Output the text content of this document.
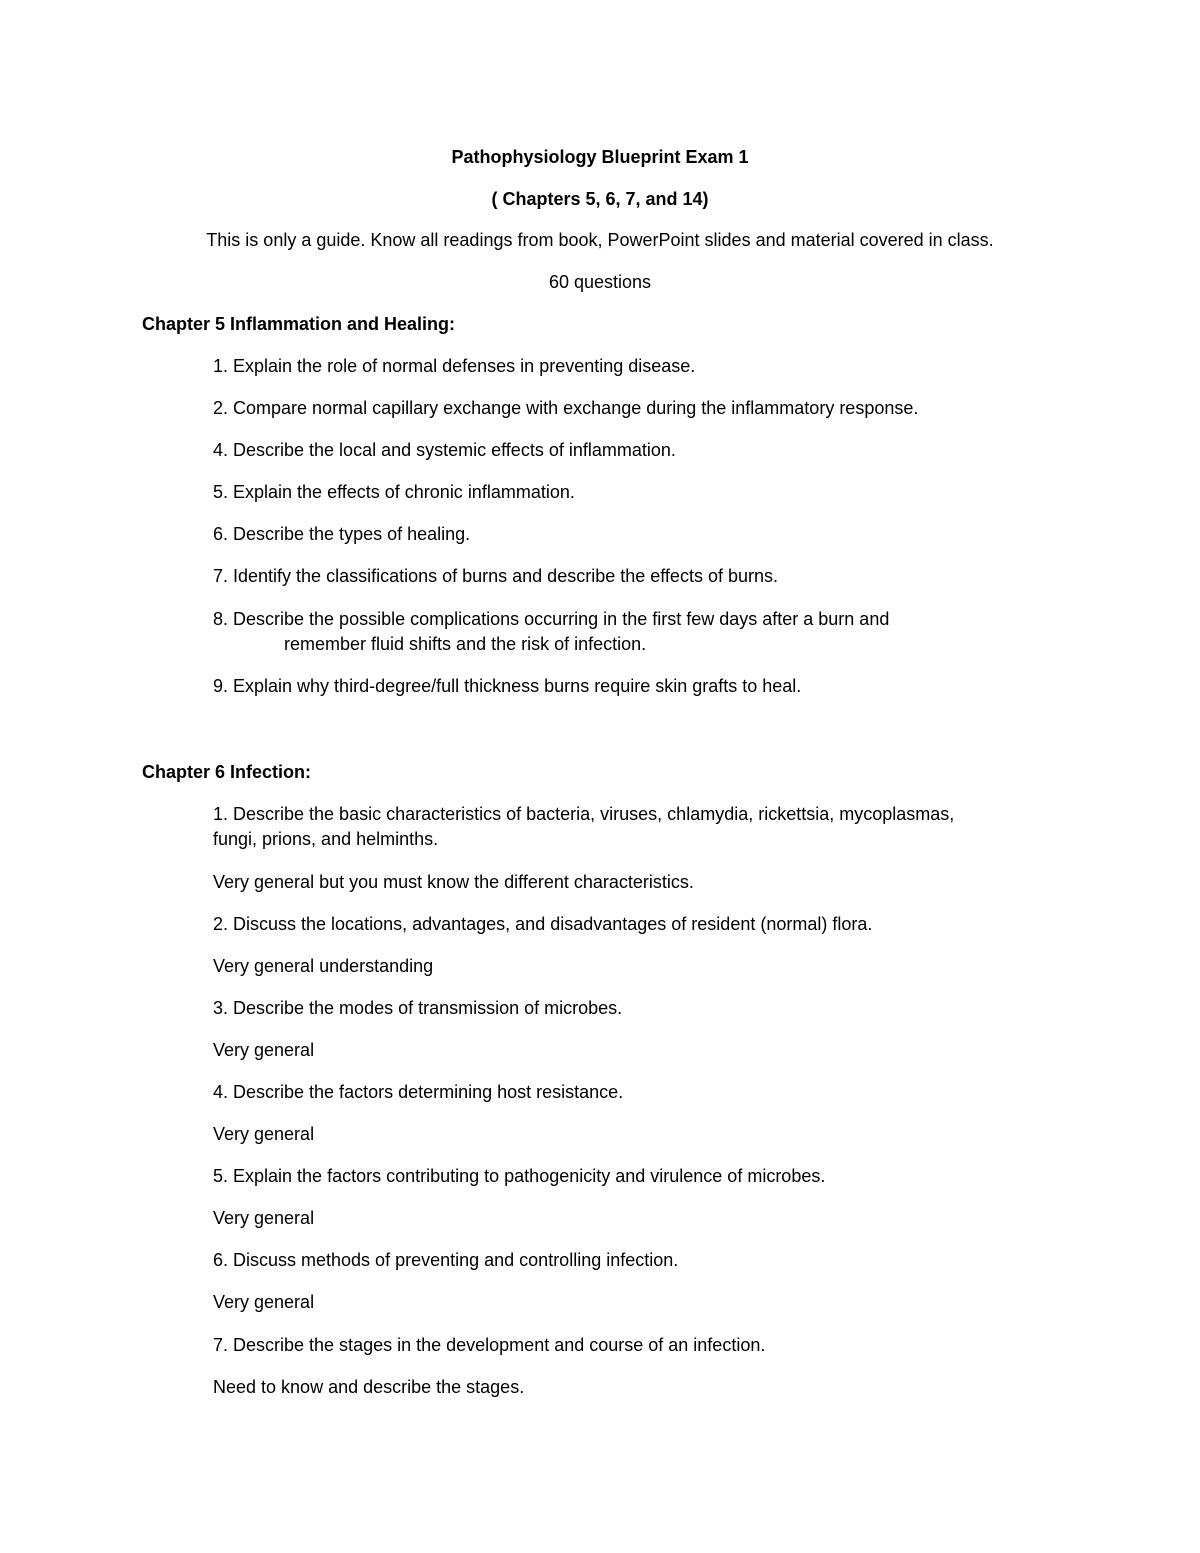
Pathophysiology Blueprint Exam 1
( Chapters 5, 6, 7, and 14)
This is only a guide. Know all readings from book, PowerPoint slides and material covered in class.
60 questions
Chapter 5 Inflammation and Healing:
1. Explain the role of normal defenses in preventing disease.
2. Compare normal capillary exchange with exchange during the inflammatory response.
4. Describe the local and systemic effects of inflammation.
5. Explain the effects of chronic inflammation.
6. Describe the types of healing.
7. Identify the classifications of burns and describe the effects of burns.
8. Describe the possible complications occurring in the first few days after a burn and
remember fluid shifts and the risk of infection.
9. Explain why third-degree/full thickness burns require skin grafts to heal.
Chapter 6 Infection:
1. Describe the basic characteristics of bacteria, viruses, chlamydia, rickettsia, mycoplasmas,
fungi, prions, and helminths.
Very general but you must know the different characteristics.
2. Discuss the locations, advantages, and disadvantages of resident (normal) flora.
Very general understanding
3. Describe the modes of transmission of microbes.
Very general
4. Describe the factors determining host resistance.
Very general
5. Explain the factors contributing to pathogenicity and virulence of microbes.
Very general
6. Discuss methods of preventing and controlling infection.
Very general
7. Describe the stages in the development and course of an infection.
Need to know and describe the stages.
